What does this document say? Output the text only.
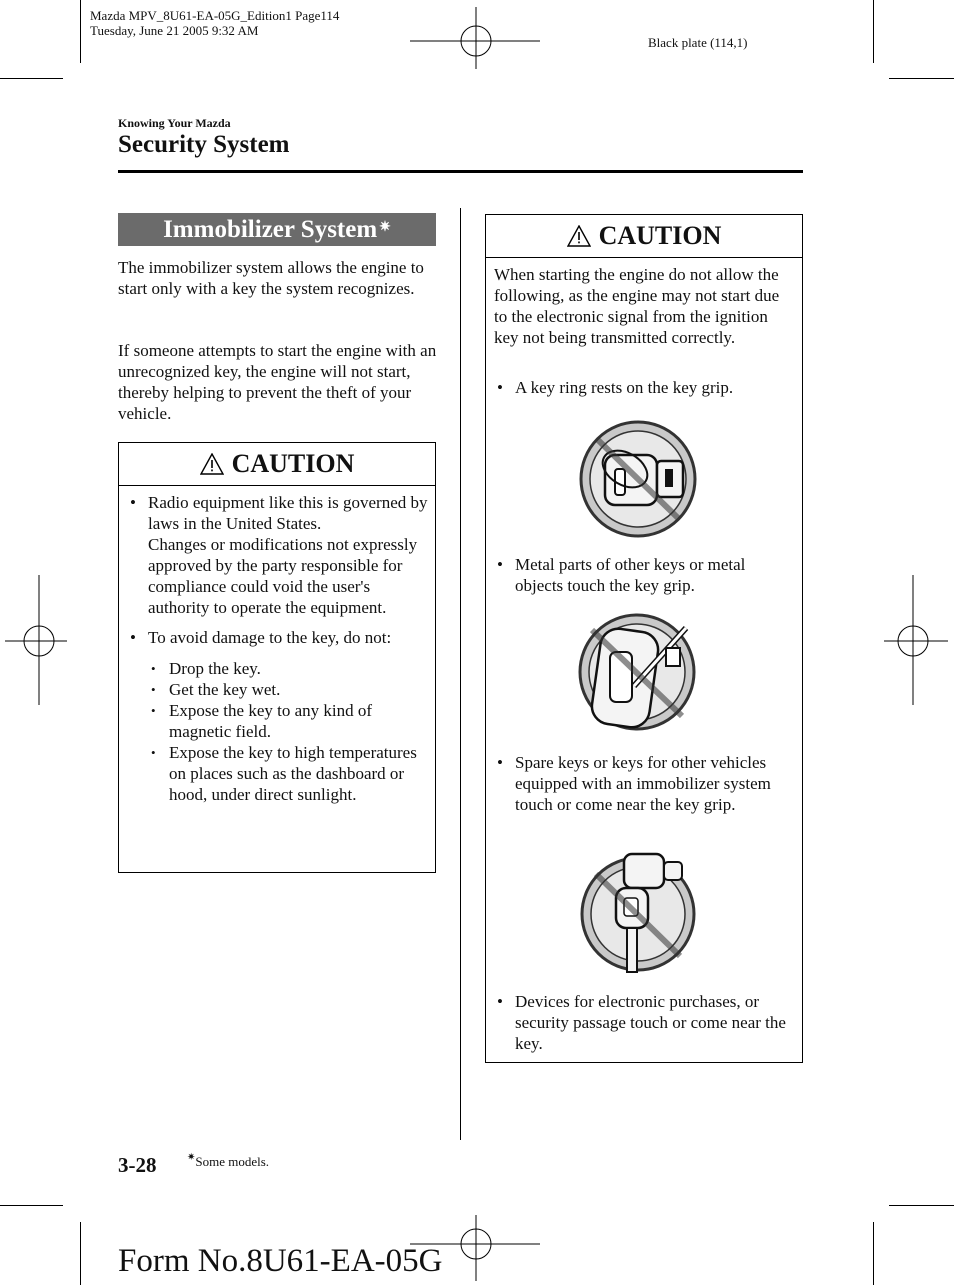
Mazda MPV_8U61-EA-05G_Edition1 Page114
Tuesday, June 21 2005 9:32 AM
Black plate (114,1)
Knowing Your Mazda
Security System
Immobilizer System ✷
The immobilizer system allows the engine to start only with a key the system recognizes.
If someone attempts to start the engine with an unrecognized key, the engine will not start, thereby helping to prevent the theft of your vehicle.
CAUTION
• Radio equipment like this is governed by laws in the United States.
Changes or modifications not expressly approved by the party responsible for compliance could void the user's authority to operate the equipment.
• To avoid damage to the key, do not:
• Drop the key.
• Get the key wet.
• Expose the key to any kind of magnetic field.
• Expose the key to high temperatures on places such as the dashboard or hood, under direct sunlight.
CAUTION
When starting the engine do not allow the following, as the engine may not start due to the electronic signal from the ignition key not being transmitted correctly.
• A key ring rests on the key grip.
• Metal parts of other keys or metal objects touch the key grip.
• Spare keys or keys for other vehicles equipped with an immobilizer system touch or come near the key grip.
• Devices for electronic purchases, or security passage touch or come near the key.
3-28	✷Some models.
Form No.8U61-EA-05G
